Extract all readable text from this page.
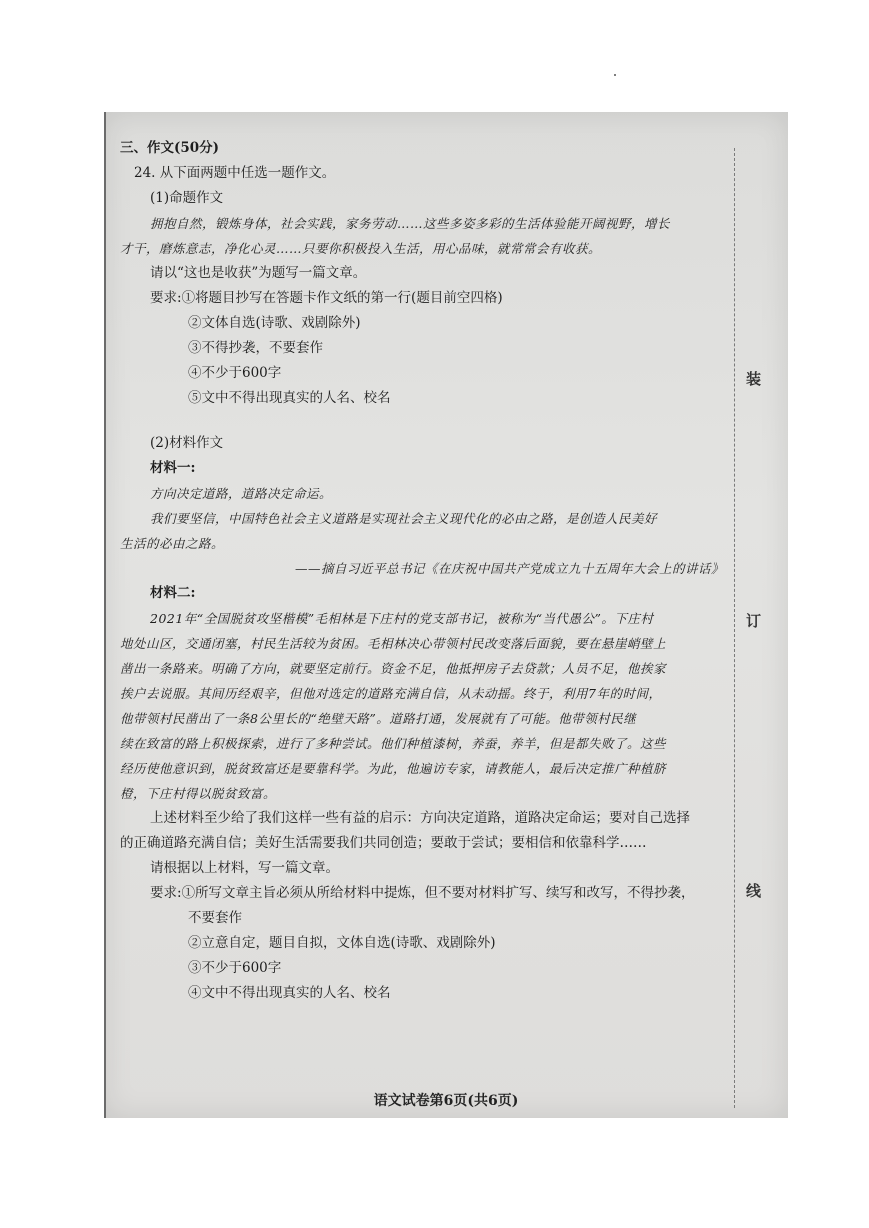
装
订
线
三、作文(50分)
24. 从下面两题中任选一题作文。
(1)命题作文
拥抱自然，锻炼身体，社会实践，家务劳动……这些多姿多彩的生活体验能开阔视野，增长
才干，磨炼意志，净化心灵……只要你积极投入生活，用心品味，就常常会有收获。
请以“这也是收获”为题写一篇文章。
要求:①将题目抄写在答题卡作文纸的第一行(题目前空四格)
②文体自选(诗歌、戏剧除外)
③不得抄袭，不要套作
④不少于600字
⑤文中不得出现真实的人名、校名
(2)材料作文
材料一:
方向决定道路，道路决定命运。
我们要坚信，中国特色社会主义道路是实现社会主义现代化的必由之路，是创造人民美好
生活的必由之路。
——摘自习近平总书记《在庆祝中国共产党成立九十五周年大会上的讲话》
材料二:
2021年“全国脱贫攻坚楷模”毛相林是下庄村的党支部书记，被称为“当代愚公”。下庄村
地处山区，交通闭塞，村民生活较为贫困。毛相林决心带领村民改变落后面貌，要在悬崖峭壁上
凿出一条路来。明确了方向，就要坚定前行。资金不足，他抵押房子去贷款；人员不足，他挨家
挨户去说服。其间历经艰辛，但他对选定的道路充满自信，从未动摇。终于，利用7年的时间，
他带领村民凿出了一条8公里长的“绝壁天路”。道路打通，发展就有了可能。他带领村民继
续在致富的路上积极探索，进行了多种尝试。他们种植漆树，养蚕，养羊，但是都失败了。这些
经历使他意识到，脱贫致富还是要靠科学。为此，他遍访专家，请教能人，最后决定推广种植脐
橙，下庄村得以脱贫致富。
上述材料至少给了我们这样一些有益的启示：方向决定道路，道路决定命运；要对自己选择
的正确道路充满自信；美好生活需要我们共同创造；要敢于尝试；要相信和依靠科学……
请根据以上材料，写一篇文章。
要求:①所写文章主旨必须从所给材料中提炼，但不要对材料扩写、续写和改写，不得抄袭，
不要套作
②立意自定，题目自拟，文体自选(诗歌、戏剧除外)
③不少于600字
④文中不得出现真实的人名、校名
语文试卷第6页(共6页)
